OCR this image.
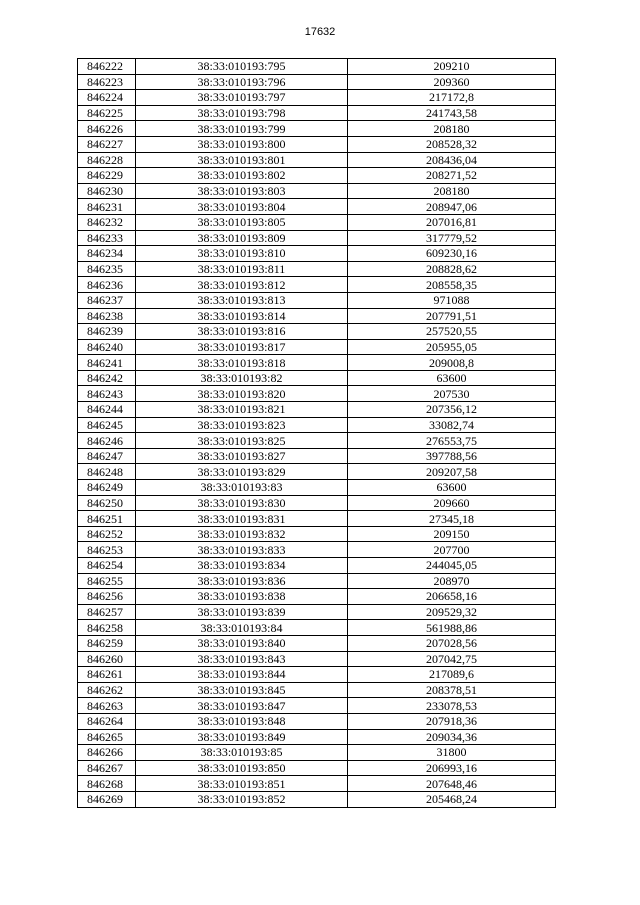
17632
846222	38:33:010193:795	209210
846223	38:33:010193:796	209360
846224	38:33:010193:797	217172,8
846225	38:33:010193:798	241743,58
846226	38:33:010193:799	208180
846227	38:33:010193:800	208528,32
846228	38:33:010193:801	208436,04
846229	38:33:010193:802	208271,52
846230	38:33:010193:803	208180
846231	38:33:010193:804	208947,06
846232	38:33:010193:805	207016,81
846233	38:33:010193:809	317779,52
846234	38:33:010193:810	609230,16
846235	38:33:010193:811	208828,62
846236	38:33:010193:812	208558,35
846237	38:33:010193:813	971088
846238	38:33:010193:814	207791,51
846239	38:33:010193:816	257520,55
846240	38:33:010193:817	205955,05
846241	38:33:010193:818	209008,8
846242	38:33:010193:82	63600
846243	38:33:010193:820	207530
846244	38:33:010193:821	207356,12
846245	38:33:010193:823	33082,74
846246	38:33:010193:825	276553,75
846247	38:33:010193:827	397788,56
846248	38:33:010193:829	209207,58
846249	38:33:010193:83	63600
846250	38:33:010193:830	209660
846251	38:33:010193:831	27345,18
846252	38:33:010193:832	209150
846253	38:33:010193:833	207700
846254	38:33:010193:834	244045,05
846255	38:33:010193:836	208970
846256	38:33:010193:838	206658,16
846257	38:33:010193:839	209529,32
846258	38:33:010193:84	561988,86
846259	38:33:010193:840	207028,56
846260	38:33:010193:843	207042,75
846261	38:33:010193:844	217089,6
846262	38:33:010193:845	208378,51
846263	38:33:010193:847	233078,53
846264	38:33:010193:848	207918,36
846265	38:33:010193:849	209034,36
846266	38:33:010193:85	31800
846267	38:33:010193:850	206993,16
846268	38:33:010193:851	207648,46
846269	38:33:010193:852	205468,24
